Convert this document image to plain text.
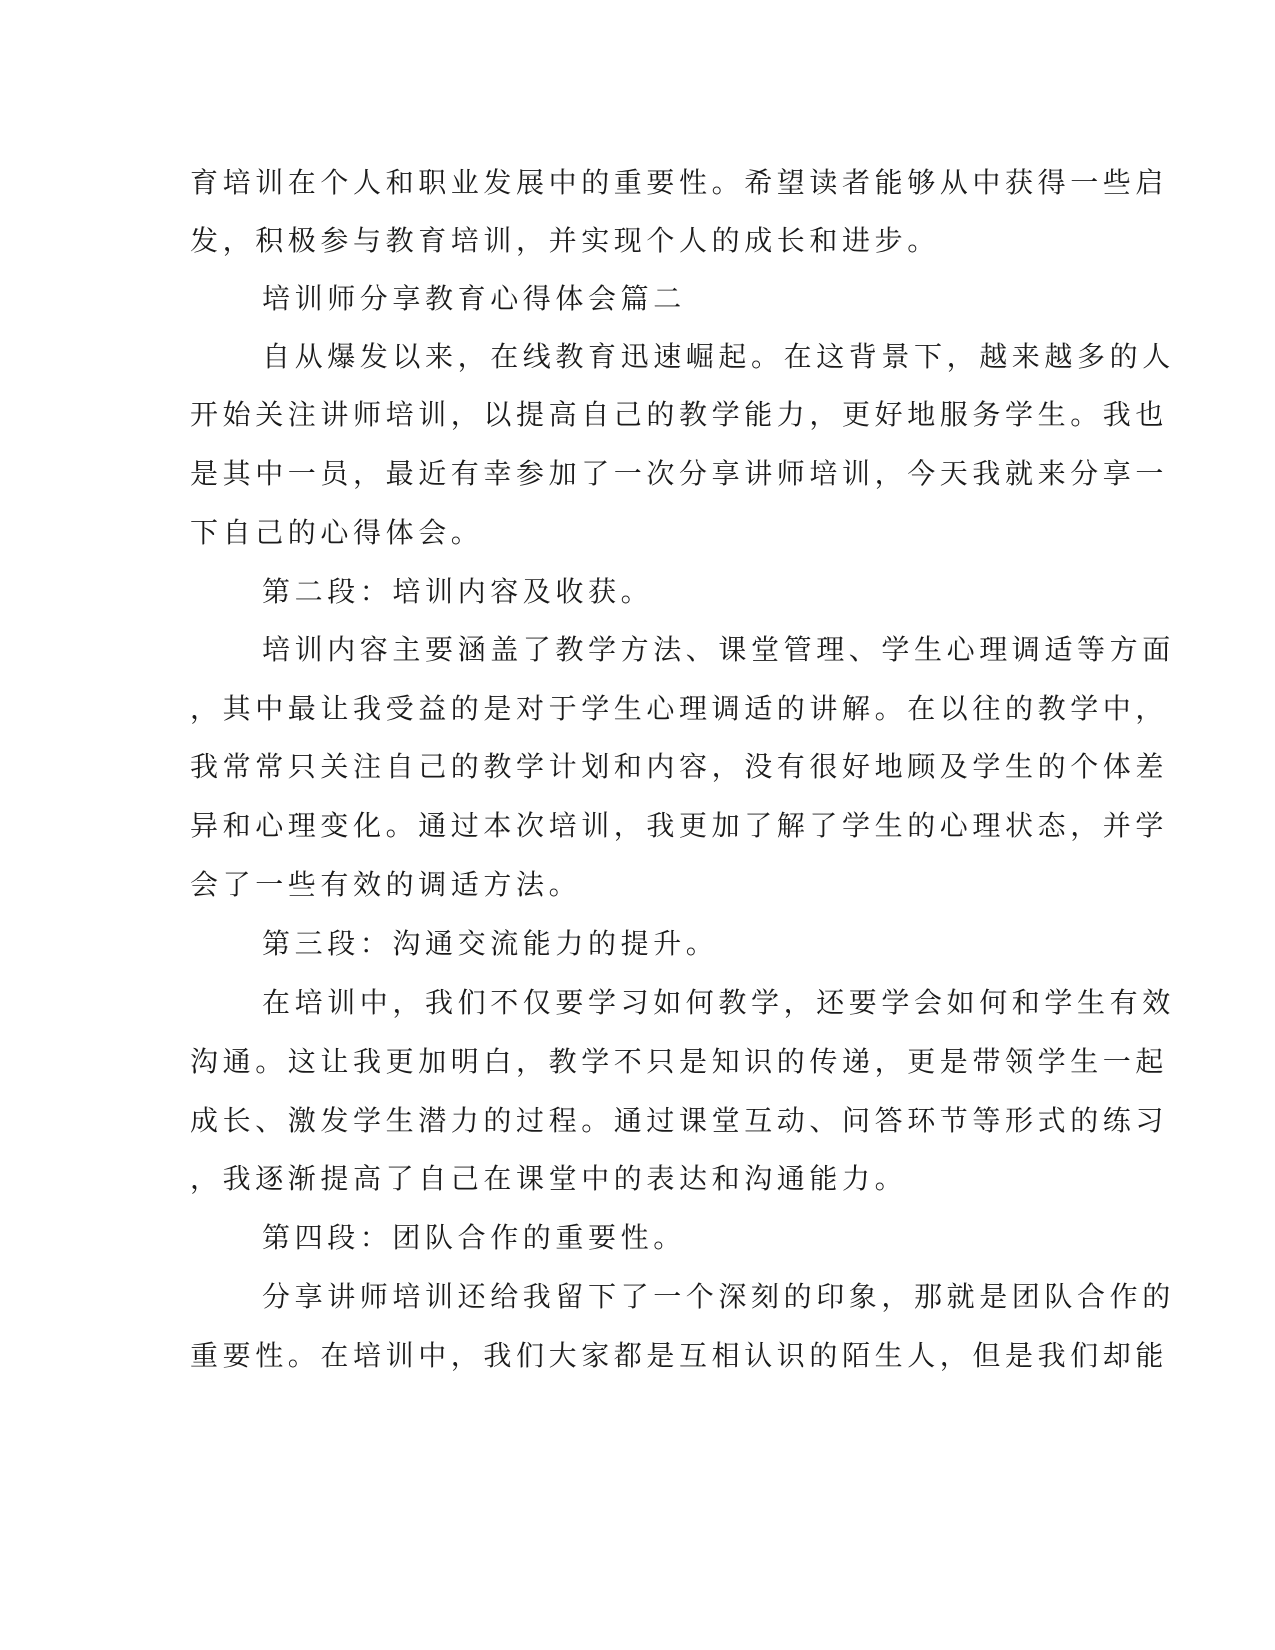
育培训在个人和职业发展中的重要性。希望读者能够从中获得一些启
发，积极参与教育培训，并实现个人的成长和进步。
培训师分享教育心得体会篇二
自从爆发以来，在线教育迅速崛起。在这背景下，越来越多的人
开始关注讲师培训，以提高自己的教学能力，更好地服务学生。我也
是其中一员，最近有幸参加了一次分享讲师培训，今天我就来分享一
下自己的心得体会。
第二段：培训内容及收获。
培训内容主要涵盖了教学方法、课堂管理、学生心理调适等方面
，其中最让我受益的是对于学生心理调适的讲解。在以往的教学中，
我常常只关注自己的教学计划和内容，没有很好地顾及学生的个体差
异和心理变化。通过本次培训，我更加了解了学生的心理状态，并学
会了一些有效的调适方法。
第三段：沟通交流能力的提升。
在培训中，我们不仅要学习如何教学，还要学会如何和学生有效
沟通。这让我更加明白，教学不只是知识的传递，更是带领学生一起
成长、激发学生潜力的过程。通过课堂互动、问答环节等形式的练习
，我逐渐提高了自己在课堂中的表达和沟通能力。
第四段：团队合作的重要性。
分享讲师培训还给我留下了一个深刻的印象，那就是团队合作的
重要性。在培训中，我们大家都是互相认识的陌生人，但是我们却能
